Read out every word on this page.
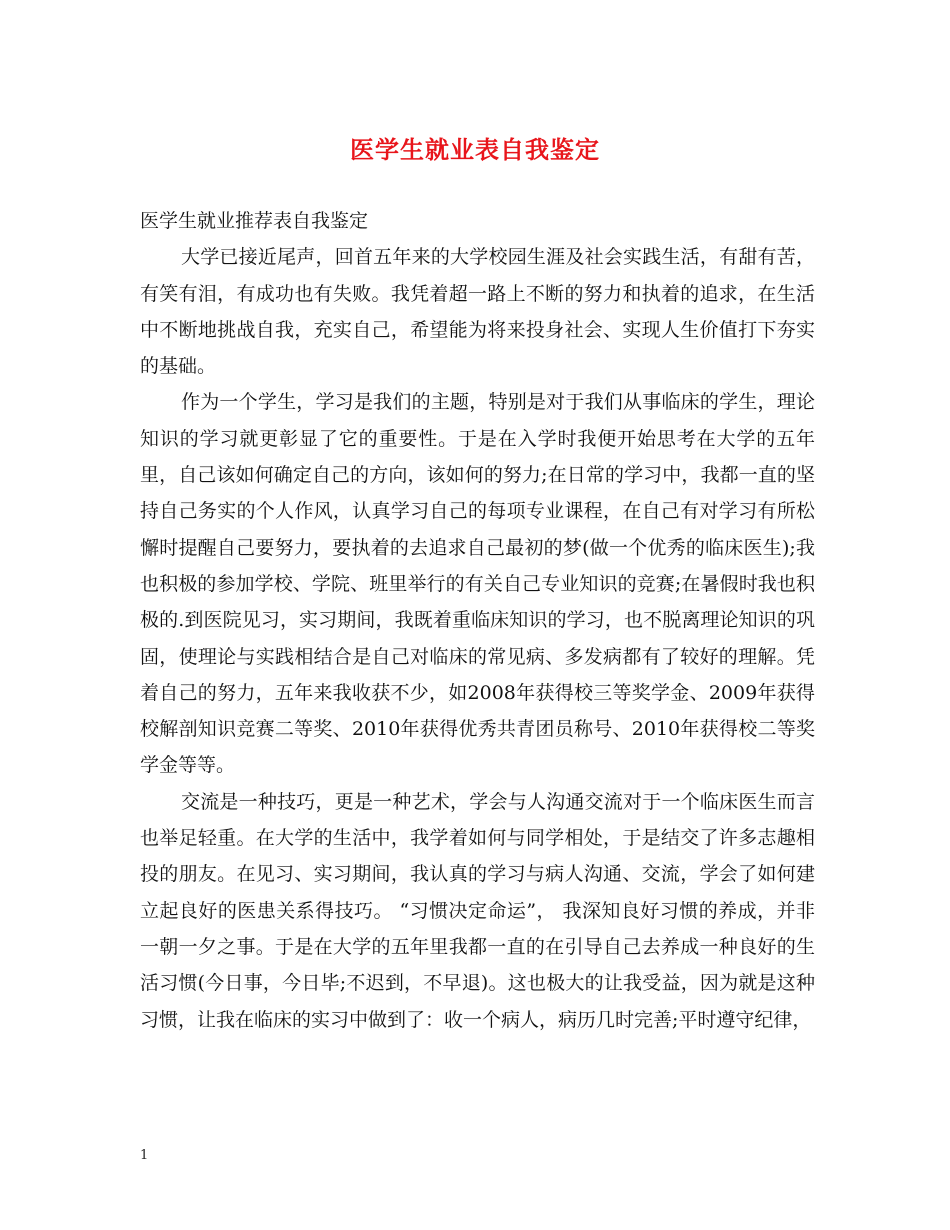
医学生就业表自我鉴定

医学生就业推荐表自我鉴定

大学已接近尾声，回首五年来的大学校园生涯及社会实践生活，有甜有苦，有笑有泪，有成功也有失败。我凭着超一路上不断的努力和执着的追求，在生活中不断地挑战自我，充实自己，希望能为将来投身社会、实现人生价值打下夯实的基础。

作为一个学生，学习是我们的主题，特别是对于我们从事临床的学生，理论知识的学习就更彰显了它的重要性。于是在入学时我便开始思考在大学的五年里，自己该如何确定自己的方向，该如何的努力;在日常的学习中，我都一直的坚持自己务实的个人作风，认真学习自己的每项专业课程，在自己有对学习有所松懈时提醒自己要努力，要执着的去追求自己最初的梦(做一个优秀的临床医生);我也积极的参加学校、学院、班里举行的有关自己专业知识的竞赛;在暑假时我也积极的.到医院见习，实习期间，我既着重临床知识的学习，也不脱离理论知识的巩固，使理论与实践相结合是自己对临床的常见病、多发病都有了较好的理解。凭着自己的努力，五年来我收获不少，如2008年获得校三等奖学金、2009年获得校解剖知识竞赛二等奖、2010年获得优秀共青团员称号、2010年获得校二等奖学金等等。

交流是一种技巧，更是一种艺术，学会与人沟通交流对于一个临床医生而言也举足轻重。在大学的生活中，我学着如何与同学相处，于是结交了许多志趣相投的朋友。在见习、实习期间，我认真的学习与病人沟通、交流，学会了如何建立起良好的医患关系得技巧。 “习惯决定命运”， 我深知良好习惯的养成，并非一朝一夕之事。于是在大学的五年里我都一直的在引导自己去养成一种良好的生活习惯(今日事，今日毕;不迟到，不早退)。这也极大的让我受益，因为就是这种习惯，让我在临床的实习中做到了：收一个病人，病历几时完善;平时遵守纪律，

1
